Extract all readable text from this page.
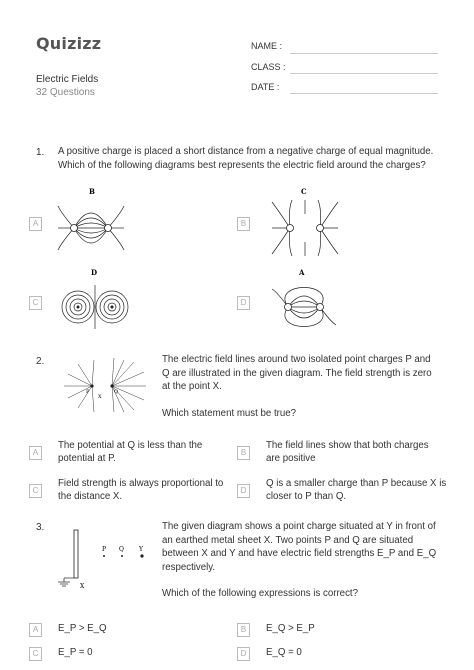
Quizizz
Electric Fields
32 Questions
NAME :
CLASS :
DATE :
1. A positive charge is placed a short distance from a negative charge of equal magnitude.
Which of the following diagrams best represents the electric field around the charges?
A	B
C	D
B	C
D	A
2.
P	Q
X
The electric field lines around two isolated point charges P and
Q are illustrated in the given diagram. The field strength is zero
at the point X.
Which statement must be true?
A
The potential at Q is less than the
potential at P.
B
The field lines show that both charges
are positive
C
Field strength is always proportional to
the distance X.
D
Q is a smaller charge than P because X is
closer to P than Q.
3.
P Q	Y
X
The given diagram shows a point charge situated at Y in front of
an earthed metal sheet X. Two points P and Q are situated
between X and Y and have electric field strengths E_P and E_Q
respectively.
Which of the following expressions is correct?
A	E_P > E_Q	B	E_Q > E_P
C	E_P = 0	D	E_Q = 0
